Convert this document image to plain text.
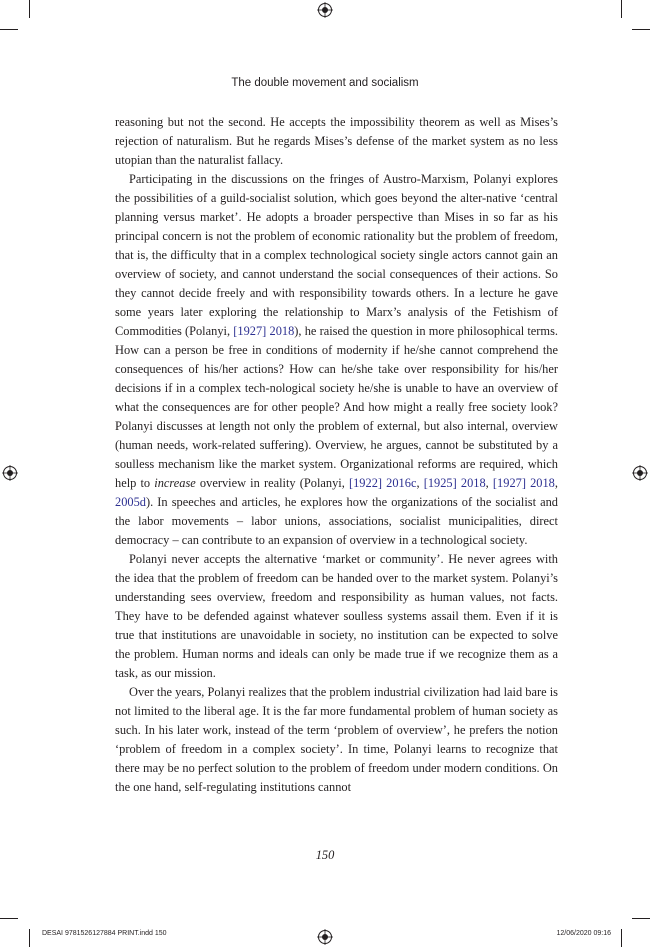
The double movement and socialism

reasoning but not the second. He accepts the impossibility theorem as well as Mises’s rejection of naturalism. But he regards Mises’s defense of the market system as no less utopian than the naturalist fallacy.

Participating in the discussions on the fringes of Austro-Marxism, Polanyi explores the possibilities of a guild-socialist solution, which goes beyond the alter-native ‘central planning versus market’. He adopts a broader perspective than Mises in so far as his principal concern is not the problem of economic rationality but the problem of freedom, that is, the difficulty that in a complex technological society single actors cannot gain an overview of society, and cannot understand the social consequences of their actions. So they cannot decide freely and with responsibility towards others. In a lecture he gave some years later exploring the relationship to Marx’s analysis of the Fetishism of Commodities (Polanyi, [1927] 2018), he raised the question in more philosophical terms. How can a person be free in conditions of modernity if he/she cannot comprehend the consequences of his/her actions? How can he/she take over responsibility for his/her decisions if in a complex tech-nological society he/she is unable to have an overview of what the consequences are for other people? And how might a really free society look? Polanyi discusses at length not only the problem of external, but also internal, overview (human needs, work-related suffering). Overview, he argues, cannot be substituted by a soulless mechanism like the market system. Organizational reforms are required, which help to increase overview in reality (Polanyi, [1922] 2016c, [1925] 2018, [1927] 2018, 2005d). In speeches and articles, he explores how the organizations of the socialist and the labor movements – labor unions, associations, socialist municipalities, direct democracy – can contribute to an expansion of overview in a technological society.

Polanyi never accepts the alternative ‘market or community’. He never agrees with the idea that the problem of freedom can be handed over to the market system. Polanyi’s understanding sees overview, freedom and responsibility as human values, not facts. They have to be defended against whatever soulless systems assail them. Even if it is true that institutions are unavoidable in society, no institution can be expected to solve the problem. Human norms and ideals can only be made true if we recognize them as a task, as our mission.

Over the years, Polanyi realizes that the problem industrial civilization had laid bare is not limited to the liberal age. It is the far more fundamental problem of human society as such. In his later work, instead of the term ‘problem of overview’, he prefers the notion ‘problem of freedom in a complex society’. In time, Polanyi learns to recognize that there may be no perfect solution to the problem of freedom under modern conditions. On the one hand, self-regulating institutions cannot

150
DESAI 9781526127884 PRINT.indd 150	12/06/2020 09:16
